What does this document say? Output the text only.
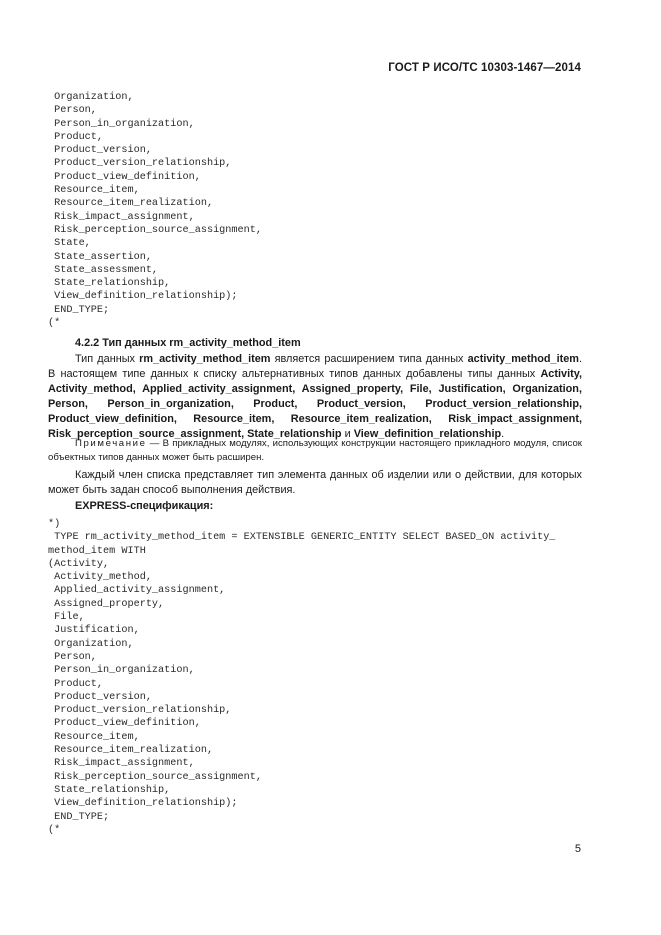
ГОСТ Р ИСО/ТС 10303-1467—2014
Organization,
Person,
Person_in_organization,
Product,
Product_version,
Product_version_relationship,
Product_view_definition,
Resource_item,
Resource_item_realization,
Risk_impact_assignment,
Risk_perception_source_assignment,
State,
State_assertion,
State_assessment,
State_relationship,
View_definition_relationship);
END_TYPE;
(*
4.2.2 Тип данных rm_activity_method_item

Тип данных rm_activity_method_item является расширением типа данных activity_method_item. В настоящем типе данных к списку альтернативных типов данных добавлены типы данных Activity, Activity_method, Applied_activity_assignment, Assigned_property, File, Justification, Organization, Person, Person_in_organization, Product, Product_version, Product_version_relationship, Product_view_definition, Resource_item, Resource_item_realization, Risk_impact_assignment, Risk_perception_source_assignment, State_relationship и View_definition_relationship.

Примечание — В прикладных модулях, использующих конструкции настоящего прикладного модуля, список объектных типов данных может быть расширен.

Каждый член списка представляет тип элемента данных об изделии или о действии, для которых может быть задан способ выполнения действия.

EXPRESS-спецификация:
*)
TYPE rm_activity_method_item = EXTENSIBLE GENERIC_ENTITY SELECT BASED_ON activity_
method_item WITH
(Activity,
Activity_method,
Applied_activity_assignment,
Assigned_property,
File,
Justification,
Organization,
Person,
Person_in_organization,
Product,
Product_version,
Product_version_relationship,
Product_view_definition,
Resource_item,
Resource_item_realization,
Risk_impact_assignment,
Risk_perception_source_assignment,
State_relationship,
View_definition_relationship);
END_TYPE;
(*
5
